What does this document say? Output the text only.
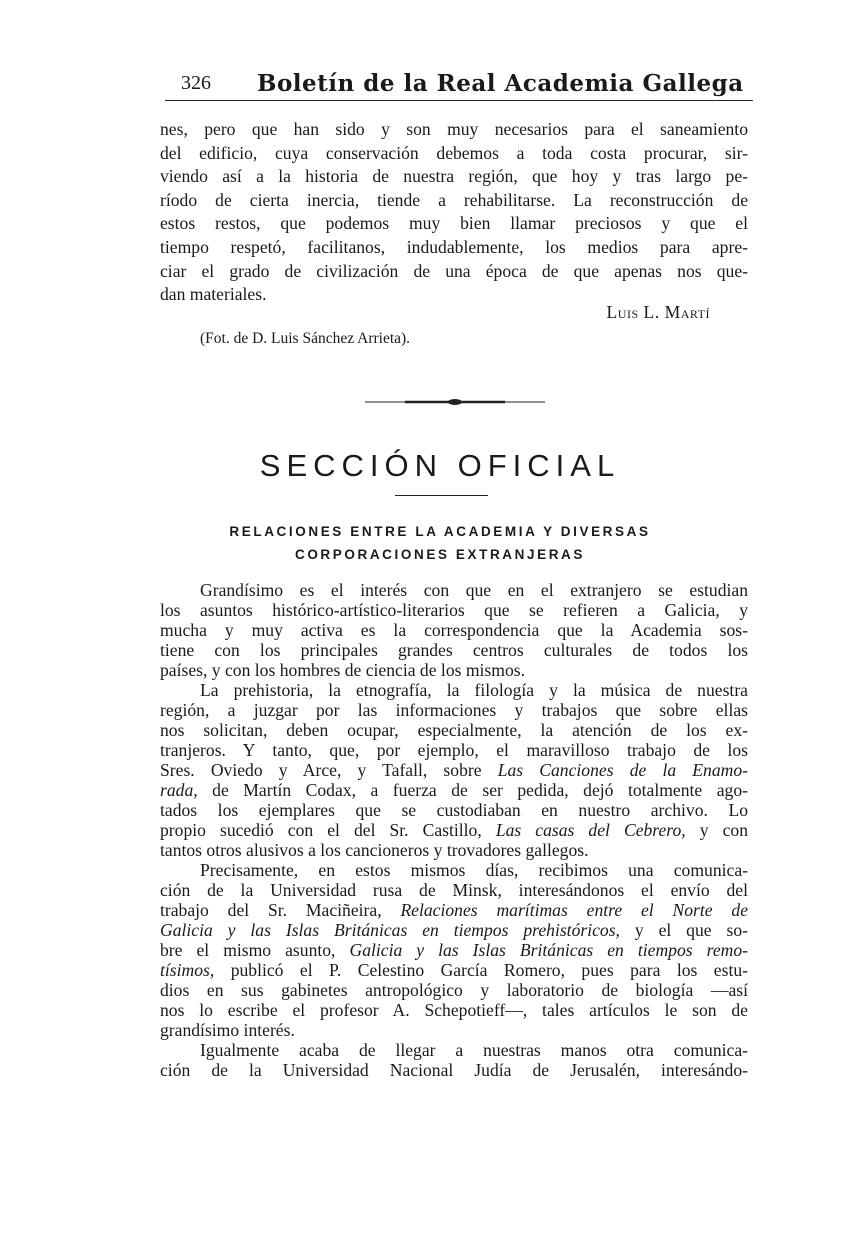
326 Boletín de la Real Academia Gallega
nes, pero que han sido y son muy necesarios para el saneamiento
del edificio, cuya conservación debemos a toda costa procurar, sir-
viendo así a la historia de nuestra región, que hoy y tras largo pe-
ríodo de cierta inercia, tiende a rehabilitarse. La reconstrucción de
estos restos, que podemos muy bien llamar preciosos y que el
tiempo respetó, facilitanos, indudablemente, los medios para apre-
ciar el grado de civilización de una época de que apenas nos que-
dan materiales.
Luis L. Martí
(Fot. de D. Luis Sánchez Arrieta).
SECCIÓN OFICIAL
RELACIONES ENTRE LA ACADEMIA Y DIVERSAS
CORPORACIONES EXTRANJERAS
Grandísimo es el interés con que en el extranjero se estudian
los asuntos histórico-artístico-literarios que se refieren a Galicia, y
mucha y muy activa es la correspondencia que la Academia sos-
tiene con los principales grandes centros culturales de todos los
países, y con los hombres de ciencia de los mismos.
La prehistoria, la etnografía, la filología y la música de nuestra
región, a juzgar por las informaciones y trabajos que sobre ellas
nos solicitan, deben ocupar, especialmente, la atención de los ex-
tranjeros. Y tanto, que, por ejemplo, el maravilloso trabajo de los
Sres. Oviedo y Arce, y Tafall, sobre Las Canciones de la Enamo-
rada, de Martín Codax, a fuerza de ser pedida, dejó totalmente ago-
tados los ejemplares que se custodiaban en nuestro archivo. Lo
propio sucedió con el del Sr. Castillo, Las casas del Cebrero, y con
tantos otros alusivos a los cancioneros y trovadores gallegos.
Precisamente, en estos mismos días, recibimos una comunica-
ción de la Universidad rusa de Minsk, interesándonos el envío del
trabajo del Sr. Maciñeira, Relaciones marítimas entre el Norte de
Galicia y las Islas Británicas en tiempos prehistóricos, y el que so-
bre el mismo asunto, Galicia y las Islas Británicas en tiempos remo-
tísimos, publicó el P. Celestino García Romero, pues para los estu-
dios en sus gabinetes antropológico y laboratorio de biología —así
nos lo escribe el profesor A. Schepotieff—, tales artículos le son de
grandísimo interés.
Igualmente acaba de llegar a nuestras manos otra comunica-
ción de la Universidad Nacional Judía de Jerusalén, interesándo-
